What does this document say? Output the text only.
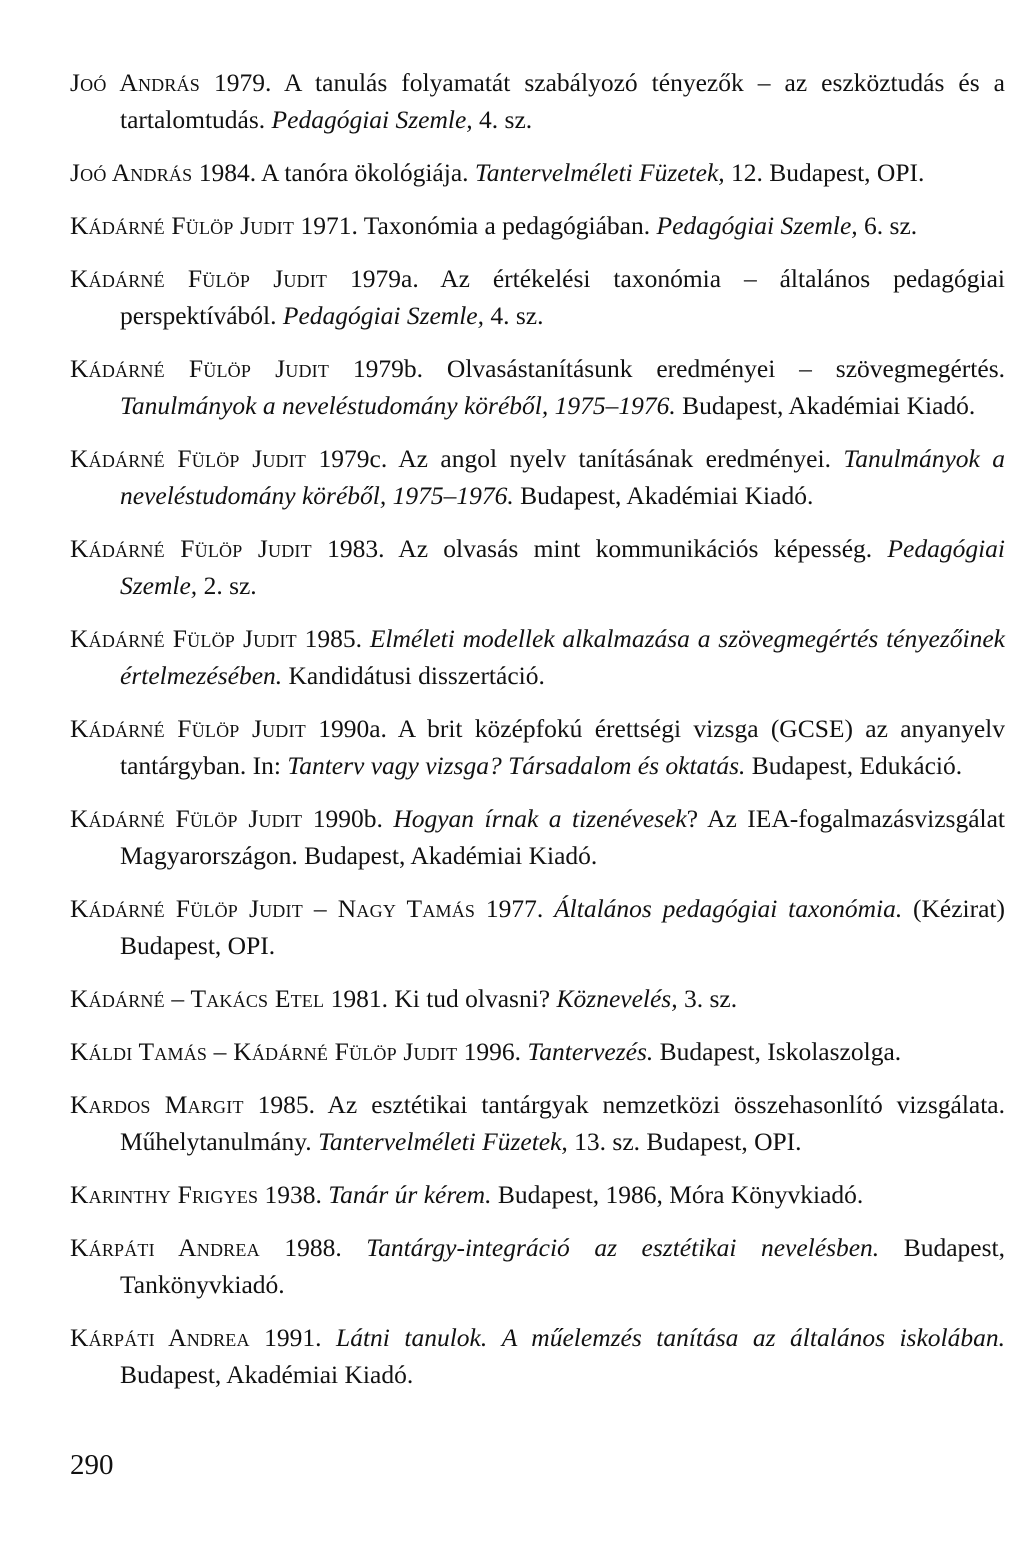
Joó András 1979. A tanulás folyamatát szabályozó tényezők – az eszköztudás és a tartalomtudás. Pedagógiai Szemle, 4. sz.

Joó András 1984. A tanóra ökológiája. Tantervelméleti Füzetek, 12. Budapest, OPI.

Kádárné Fülöp Judit 1971. Taxonómia a pedagógiában. Pedagógiai Szemle, 6. sz.

Kádárné Fülöp Judit 1979a. Az értékelési taxonómia – általános pedagógiai perspektívából. Pedagógiai Szemle, 4. sz.

Kádárné Fülöp Judit 1979b. Olvasástanításunk eredményei – szövegmegértés. Tanulmányok a neveléstudomány köréből, 1975–1976. Budapest, Akadémiai Kiadó.

Kádárné Fülöp Judit 1979c. Az angol nyelv tanításának eredményei. Tanulmányok a neveléstudomány köréből, 1975–1976. Budapest, Akadémiai Kiadó.

Kádárné Fülöp Judit 1983. Az olvasás mint kommunikációs képesség. Pedagógiai Szemle, 2. sz.

Kádárné Fülöp Judit 1985. Elméleti modellek alkalmazása a szövegmegértés tényezőinek értelmezésében. Kandidátusi disszertáció.

Kádárné Fülöp Judit 1990a. A brit középfokú érettségi vizsga (GCSE) az anyanyelv tantárgyban. In: Tanterv vagy vizsga? Társadalom és oktatás. Budapest, Edukáció.

Kádárné Fülöp Judit 1990b. Hogyan írnak a tizenévesek? Az IEA-fogalmazásvizsgálat Magyarországon. Budapest, Akadémiai Kiadó.

Kádárné Fülöp Judit – Nagy Tamás 1977. Általános pedagógiai taxonómia. (Kézirat) Budapest, OPI.

Kádárné – Takács Etel 1981. Ki tud olvasni? Köznevelés, 3. sz.

Káldi Tamás – Kádárné Fülöp Judit 1996. Tantervezés. Budapest, Iskolaszolga.

Kardos Margit 1985. Az esztétikai tantárgyak nemzetközi összehasonlító vizsgálata. Műhelytanulmány. Tantervelméleti Füzetek, 13. sz. Budapest, OPI.

Karinthy Frigyes 1938. Tanár úr kérem. Budapest, 1986, Móra Könyvkiadó.

Kárpáti Andrea 1988. Tantárgy-integráció az esztétikai nevelésben. Budapest, Tankönyvkiadó.

Kárpáti Andrea 1991. Látni tanulok. A műelemzés tanítása az általános iskolában. Budapest, Akadémiai Kiadó.

290
